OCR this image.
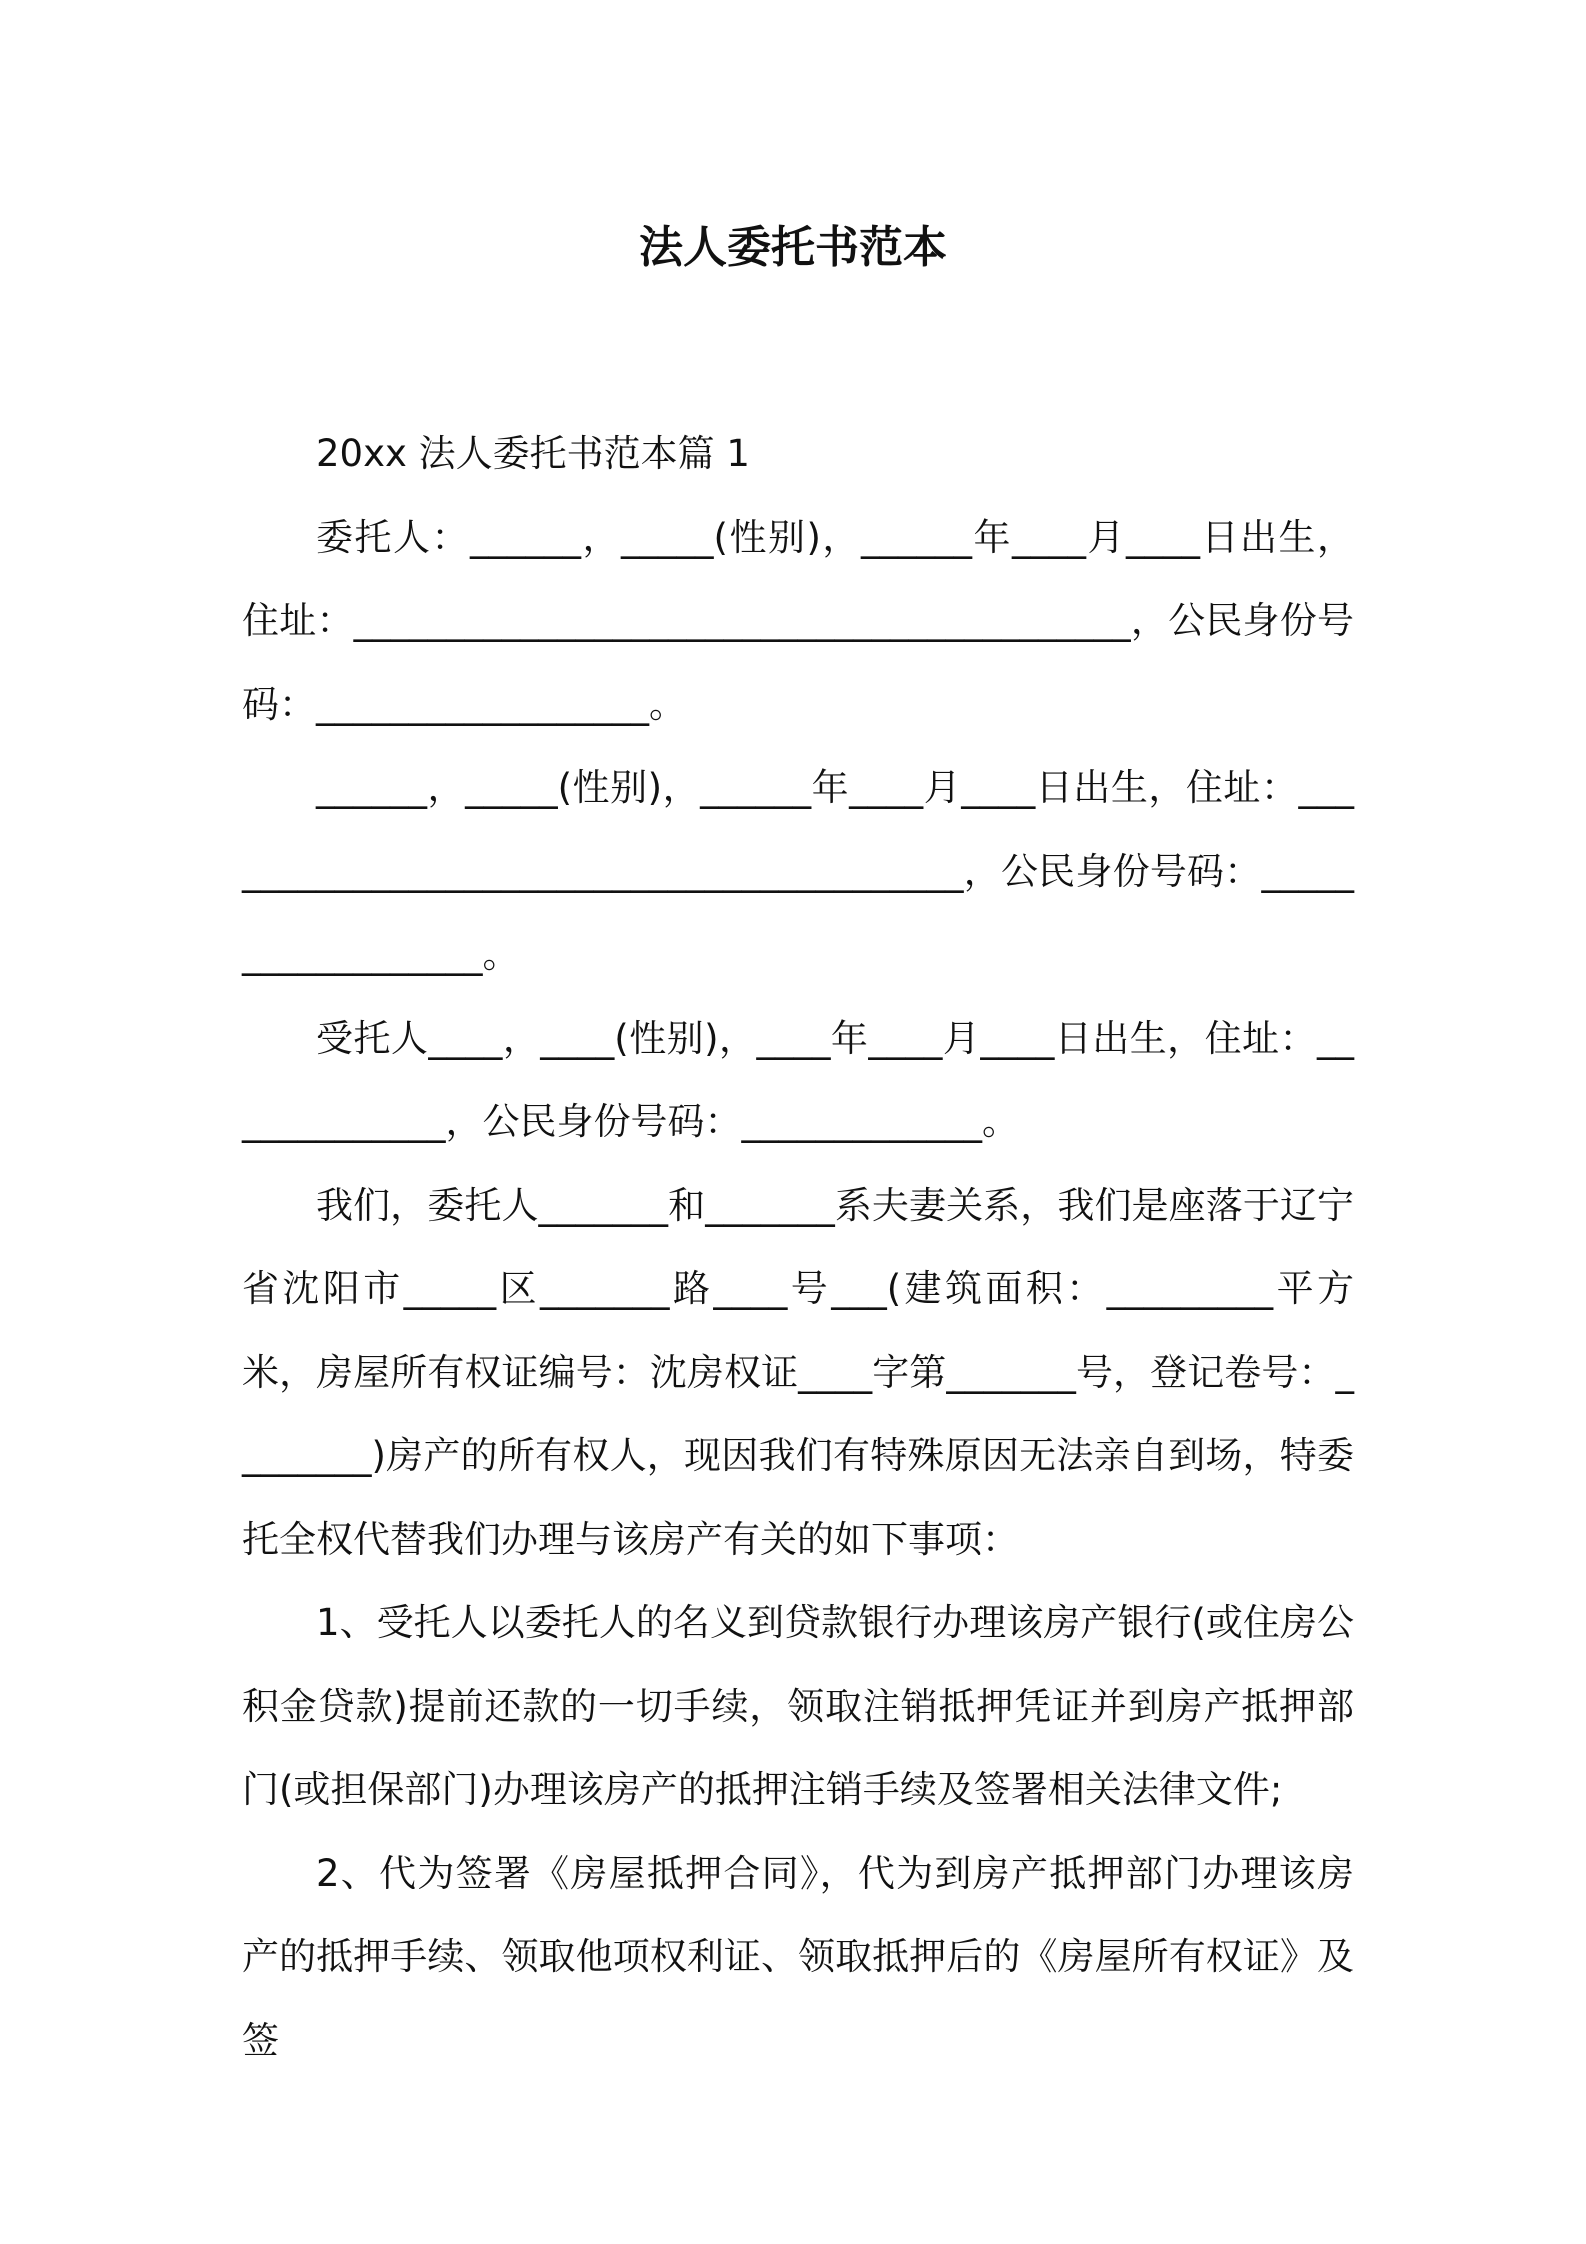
法人委托书范本

20xx 法人委托书范本篇 1

委托人：______，_____(性别)，______年____月____日出生，住址：__________________________________________，公民身份号码：__________________。

______，_____(性别)，______年____月____日出生，住址：__________________________________________，公民身份号码：__________________。

受托人____，____(性别)，____年____月____日出生，住址：_____________，公民身份号码：_____________。

我们，委托人_______和_______系夫妻关系，我们是座落于辽宁省沈阳市_____区_______路____号___(建筑面积：_________平方米，房屋所有权证编号：沈房权证____字第_______号，登记卷号：________)房产的所有权人，现因我们有特殊原因无法亲自到场，特委托全权代替我们办理与该房产有关的如下事项：

1、受托人以委托人的名义到贷款银行办理该房产银行(或住房公积金贷款)提前还款的一切手续，领取注销抵押凭证并到房产抵押部门(或担保部门)办理该房产的抵押注销手续及签署相关法律文件;

2、代为签署《房屋抵押合同》，代为到房产抵押部门办理该房产的抵押手续、领取他项权利证、领取抵押后的《房屋所有权证》及签
